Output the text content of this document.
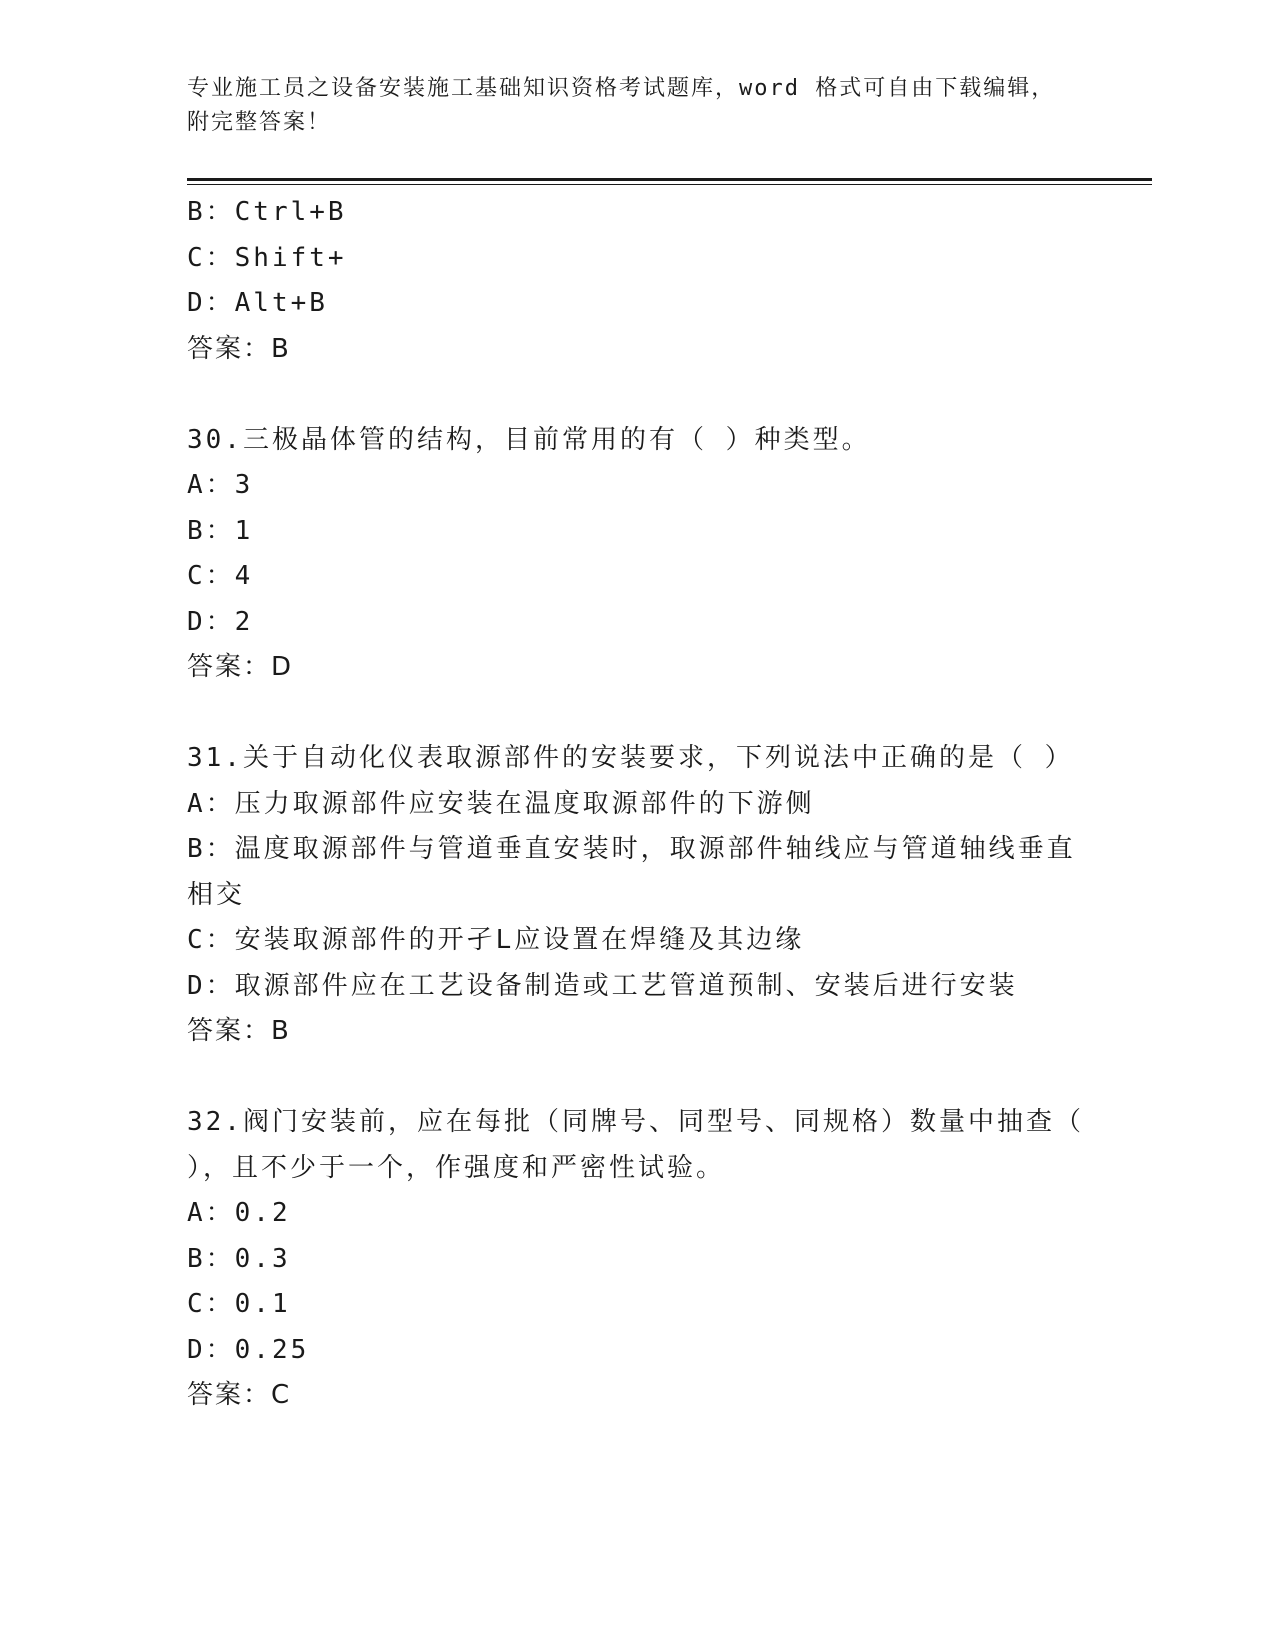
专业施工员之设备安装施工基础知识资格考试题库，word 格式可自由下载编辑，
附完整答案！
B：Ctrl+B
C：Shift+
D：Alt+B
答案：B
30.三极晶体管的结构，目前常用的有（ ）种类型。
A：3
B：1
C：4
D：2
答案：D
31.关于自动化仪表取源部件的安装要求，下列说法中正确的是（ ）
A：压力取源部件应安装在温度取源部件的下游侧
B：温度取源部件与管道垂直安装时，取源部件轴线应与管道轴线垂直
相交
C：安装取源部件的开孑L应设置在焊缝及其边缘
D：取源部件应在工艺设备制造或工艺管道预制、安装后进行安装
答案：B
32.阀门安装前，应在每批（同牌号、同型号、同规格）数量中抽查（
），且不少于一个，作强度和严密性试验。
A：0.2
B：0.3
C：0.1
D：0.25
答案：C
